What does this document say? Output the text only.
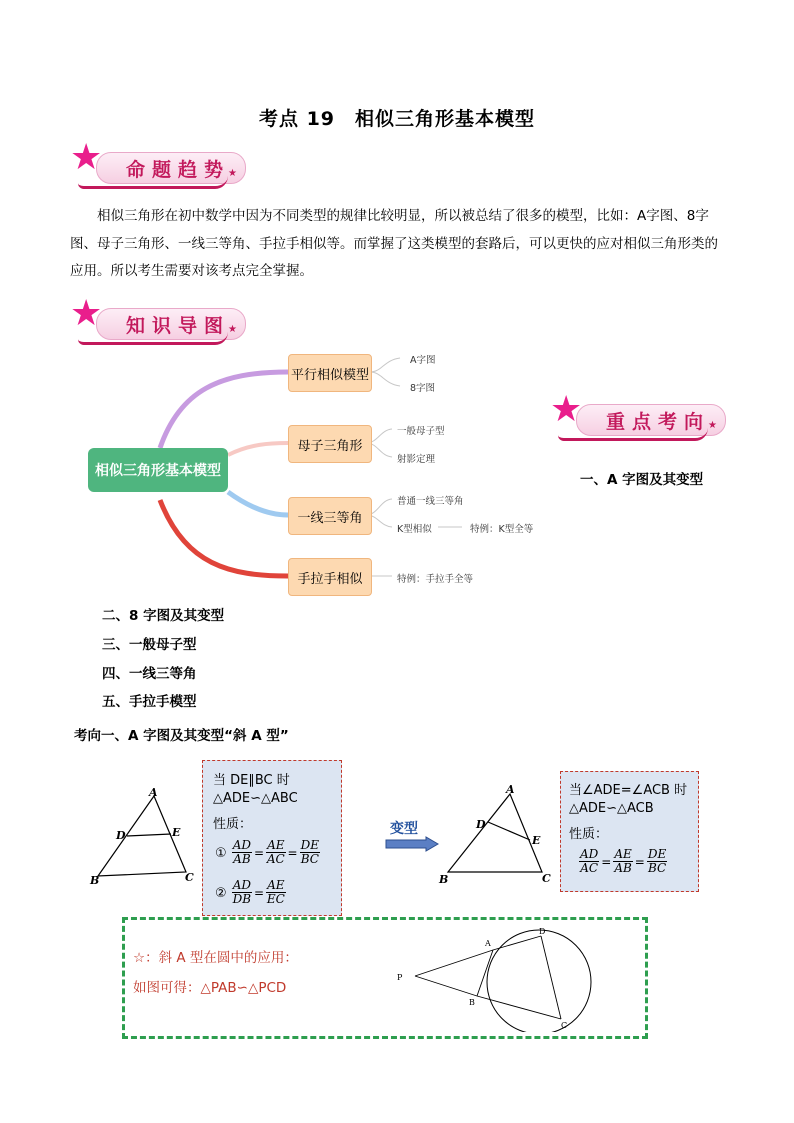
考点 19　相似三角形基本模型
★	★
命题趋势
相似三角形在初中数学中因为不同类型的规律比较明显，所以被总结了很多的模型，比如：A字图、8字图、母子三角形、一线三等角、手拉手相似等。而掌握了这类模型的套路后，可以更快的应对相似三角形类的应用。所以考生需要对该考点完全掌握。
★	★
知识导图
相似三角形基本模型
平行相似模型
A字图
8字图
母子三角形
一般母子型
射影定理
一线三等角
普通一线三等角
K型相似	特例：K型全等
手拉手相似	特例：手拉手全等
★	★
重点考向
一、A 字图及其变型
二、8 字图及其变型
三、一般母子型
四、一线三等角
五、手拉手模型
考向一、A 字图及其变型“斜 A 型”
A
D	E
B	C
当 DE∥BC 时
△ADE∽△ABC
性质：
① $\frac{AD}{AB} = \frac{AE}{AC} = \frac{DE}{BC}$
② $\frac{AD}{DB} = \frac{AE}{EC}$
变型
A
D
E
B	C
当∠ADE=∠ACB 时
△ADE∽△ACB
性质：
$\frac{AD}{AC} = \frac{AE}{AB} = \frac{DE}{BC}$
☆：斜 A 型在圆中的应用：
如图可得：△PAB∽△PCD
P
A
D
B
C
